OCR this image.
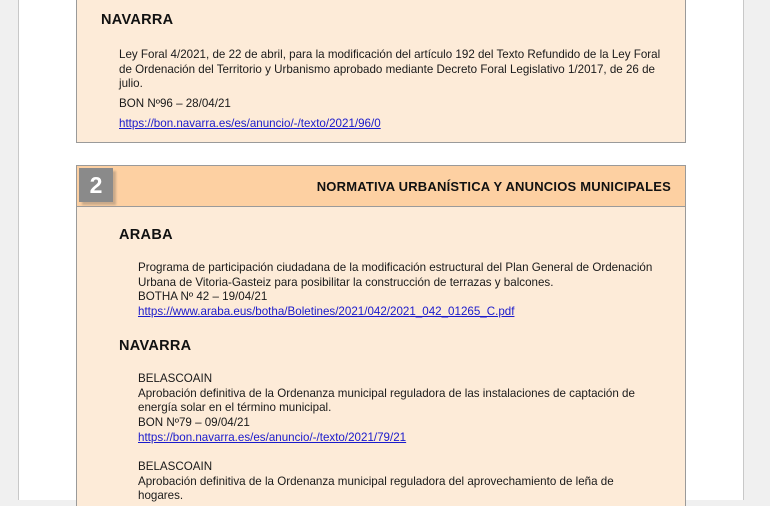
NAVARRA
Ley Foral 4/2021, de 22 de abril, para la modificación del artículo 192 del Texto Refundido de la Ley Foral de Ordenación del Territorio y Urbanismo aprobado mediante Decreto Foral Legislativo 1/2017, de 26 de julio.
BON Nº96 – 28/04/21
https://bon.navarra.es/es/anuncio/-/texto/2021/96/0
2	NORMATIVA URBANÍSTICA Y ANUNCIOS MUNICIPALES
ARABA
Programa de participación ciudadana de la modificación estructural del Plan General de Ordenación
Urbana de Vitoria-Gasteiz para posibilitar la construcción de terrazas y balcones.
BOTHA Nº 42 – 19/04/21
https://www.araba.eus/botha/Boletines/2021/042/2021_042_01265_C.pdf
NAVARRA
BELASCOAIN
Aprobación definitiva de la Ordenanza municipal reguladora de las instalaciones de captación de
energía solar en el término municipal.
BON Nº79 – 09/04/21
https://bon.navarra.es/es/anuncio/-/texto/2021/79/21
BELASCOAIN
Aprobación definitiva de la Ordenanza municipal reguladora del aprovechamiento de leña de
hogares.
